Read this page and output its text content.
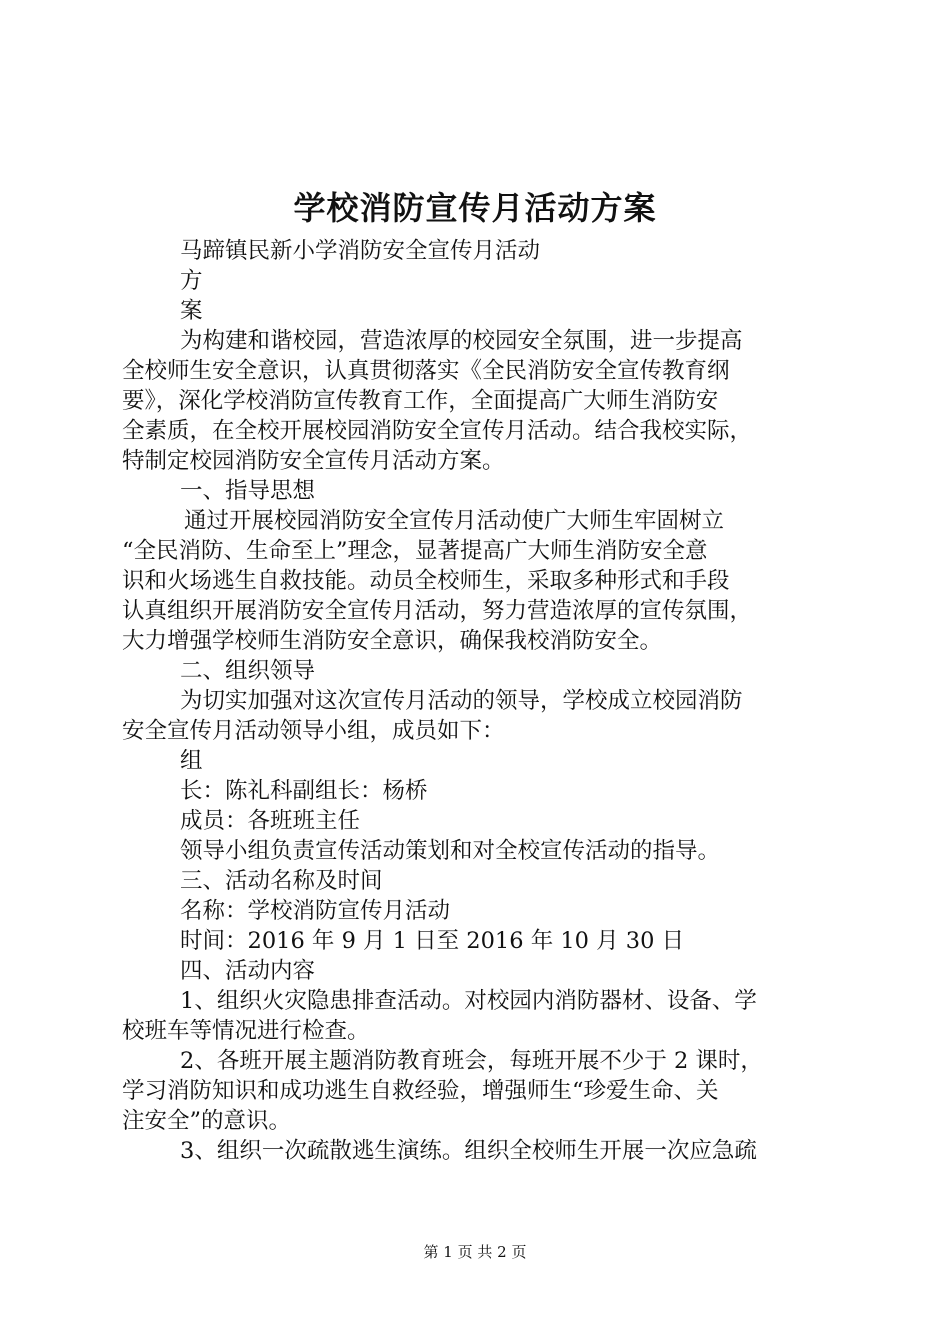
学校消防宣传月活动方案

马蹄镇民新小学消防安全宣传月活动

方

案

为构建和谐校园，营造浓厚的校园安全氛围，进一步提高

全校师生安全意识，认真贯彻落实《全民消防安全宣传教育纲

要》，深化学校消防宣传教育工作，全面提高广大师生消防安

全素质，在全校开展校园消防安全宣传月活动。结合我校实际，

特制定校园消防安全宣传月活动方案。

一、指导思想

通过开展校园消防安全宣传月活动使广大师生牢固树立

“全民消防、生命至上”理念，显著提高广大师生消防安全意

识和火场逃生自救技能。动员全校师生，采取多种形式和手段

认真组织开展消防安全宣传月活动，努力营造浓厚的宣传氛围，

大力增强学校师生消防安全意识，确保我校消防安全。

二、组织领导

为切实加强对这次宣传月活动的领导，学校成立校园消防

安全宣传月活动领导小组，成员如下：

组

长：陈礼科副组长：杨桥

成员：各班班主任

领导小组负责宣传活动策划和对全校宣传活动的指导。

三、活动名称及时间

名称：学校消防宣传月活动

时间：2016 年 9 月 1 日至 2016 年 10 月 30 日

四、活动内容

1、组织火灾隐患排查活动。对校园内消防器材、设备、学

校班车等情况进行检查。

2、各班开展主题消防教育班会，每班开展不少于 2 课时，

学习消防知识和成功逃生自救经验，增强师生“珍爱生命、关

注安全”的意识。

3、组织一次疏散逃生演练。组织全校师生开展一次应急疏

第 1 页 共 2 页
